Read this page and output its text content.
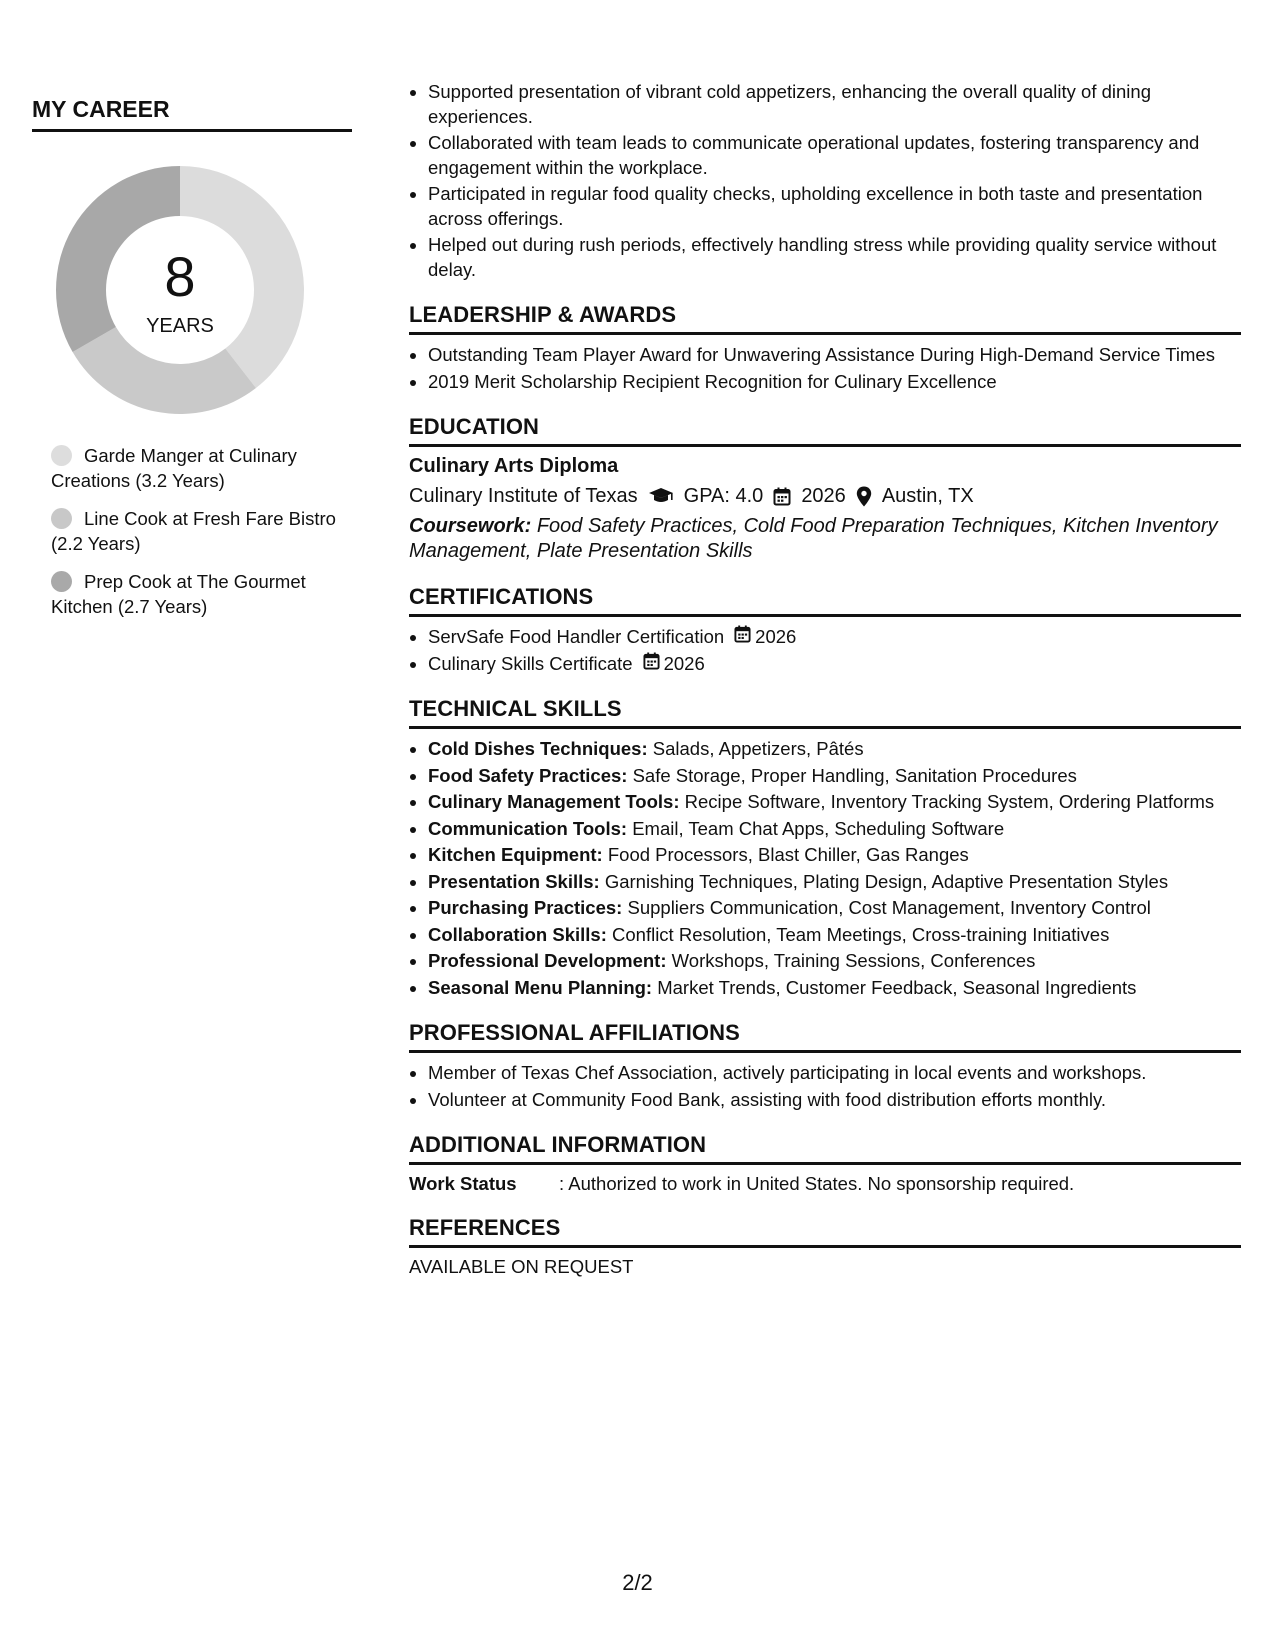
MY CAREER
8
YEARS
Garde Manger at Culinary Creations (3.2 Years)
Line Cook at Fresh Fare Bistro (2.2 Years)
Prep Cook at The Gourmet Kitchen (2.7 Years)
• Supported presentation of vibrant cold appetizers, enhancing the overall quality of dining experiences.
• Collaborated with team leads to communicate operational updates, fostering transparency and engagement within the workplace.
• Participated in regular food quality checks, upholding excellence in both taste and presentation across offerings.
• Helped out during rush periods, effectively handling stress while providing quality service without delay.
LEADERSHIP & AWARDS
• Outstanding Team Player Award for Unwavering Assistance During High-Demand Service Times
• 2019 Merit Scholarship Recipient Recognition for Culinary Excellence
EDUCATION
Culinary Arts Diploma
Culinary Institute of Texas GPA: 4.0 2026 Austin, TX
Coursework: Food Safety Practices, Cold Food Preparation Techniques, Kitchen Inventory Management, Plate Presentation Skills
CERTIFICATIONS
• ServSafe Food Handler Certification 2026
• Culinary Skills Certificate 2026
TECHNICAL SKILLS
• Cold Dishes Techniques: Salads, Appetizers, Pâtés
• Food Safety Practices: Safe Storage, Proper Handling, Sanitation Procedures
• Culinary Management Tools: Recipe Software, Inventory Tracking System, Ordering Platforms
• Communication Tools: Email, Team Chat Apps, Scheduling Software
• Kitchen Equipment: Food Processors, Blast Chiller, Gas Ranges
• Presentation Skills: Garnishing Techniques, Plating Design, Adaptive Presentation Styles
• Purchasing Practices: Suppliers Communication, Cost Management, Inventory Control
• Collaboration Skills: Conflict Resolution, Team Meetings, Cross-training Initiatives
• Professional Development: Workshops, Training Sessions, Conferences
• Seasonal Menu Planning: Market Trends, Customer Feedback, Seasonal Ingredients
PROFESSIONAL AFFILIATIONS
• Member of Texas Chef Association, actively participating in local events and workshops.
• Volunteer at Community Food Bank, assisting with food distribution efforts monthly.
ADDITIONAL INFORMATION
Work Status	: Authorized to work in United States. No sponsorship required.
REFERENCES
AVAILABLE ON REQUEST
2/2
